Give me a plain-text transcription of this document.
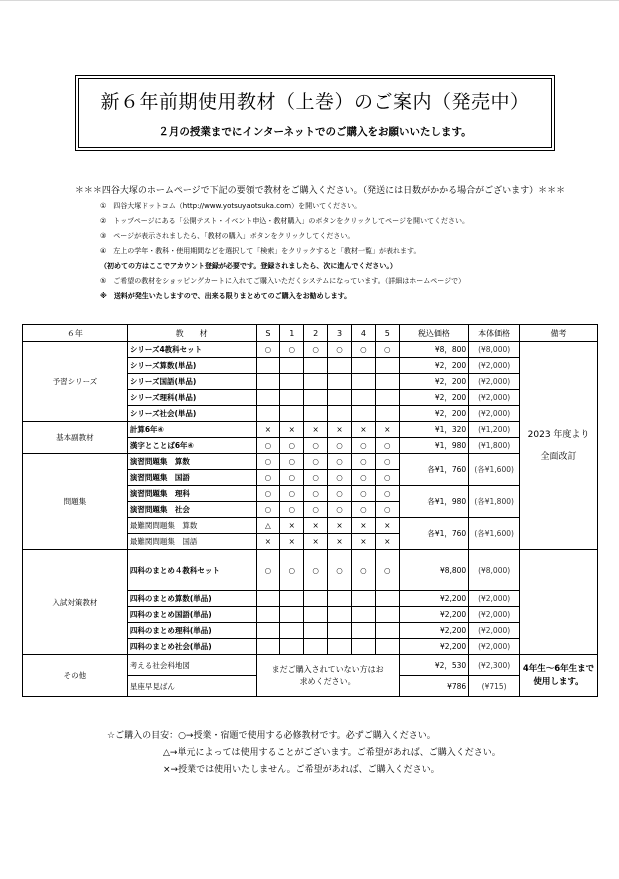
新６年前期使用教材（上巻）のご案内（発売中）
２月の授業までにインターネットでのご購入をお願いいたします。
＊＊＊四谷大塚のホームページで下記の要領で教材をご購入ください。（発送には日数がかかる場合がございます）＊＊＊
①　 四谷大塚ドットコム（http://www.yotsuyaotsuka.com）を開いてください。
②　 トップページにある「公開テスト・イベント申込・教材購入」のボタンをクリックしてページを開いてください。
③　 ページが表示されましたら、「教材の購入」ボタンをクリックしてください。
④　 左上の学年・教科・使用期間などを選択して「検索」をクリックすると「教材一覧」が表れます。
（初めての方はここでアカウント登録が必要です。登録されましたら、次に進んでください。）
⑤　 ご希望の教材をショッピングカートに入れてご購入いただくシステムになっています。（詳細はホームページで）
※　 送料が発生いたしますので、出来る限りまとめてのご購入をお勧めします。
６年	教　　材	S	1	2	3	4	5	税込価格	本体価格	備考
予習シリーズ	シリーズ4教科セット	○	○	○	○	○	○	¥8，800	(¥8,000)	2023 年度より
全面改訂

	シリーズ算数(単品)							¥2，200	(¥2,000)	
	シリーズ国語(単品)							¥2，200	(¥2,000)	
	シリーズ理科(単品)							¥2，200	(¥2,000)	
	シリーズ社会(単品)							¥2，200	(¥2,000)	
基本副教材	計算6年④	×	×	×	×	×	×	¥1，320	(¥1,200)	
	漢字とことば6年④	○	○	○	○	○	○	¥1，980	(¥1,800)	
問題集	演習問題集　算数	○	○	○	○	○	○	各¥1，760	(各¥1,600)	
	演習問題集　国語	○	○	○	○	○	○			
	演習問題集　理科	○	○	○	○	○	○	各¥1，980	(各¥1,800)	
	演習問題集　社会	○	○	○	○	○	○			
	最難関問題集　算数	△	×	×	×	×	×	各¥1，760	(各¥1,600)	
	最難関問題集　国語	×	×	×	×	×	×			
入試対策教材	四科のまとめ４教科セット	○	○	○	○	○	○	¥8,800	(¥8,000)	
	四科のまとめ算数(単品)							¥2,200	(¥2,000)	
	四科のまとめ国語(単品)							¥2,200	(¥2,000)	
	四科のまとめ理科(単品)							¥2,200	(¥2,000)	
	四科のまとめ社会(単品)							¥2,200	(¥2,000)	
その他	考える社会科地図	まだご購入されていない方はお求めください。						¥2，530	(¥2,300)	4年生～6年生まで使用します。
	星座早見ばん							¥786	(¥715)	
☆ご購入の目安：○→授業・宿題で使用する必修教材です。必ずご購入ください。
△→単元によっては使用することがございます。ご希望があれば、ご購入ください。
×→授業では使用いたしません。ご希望があれば、ご購入ください。
